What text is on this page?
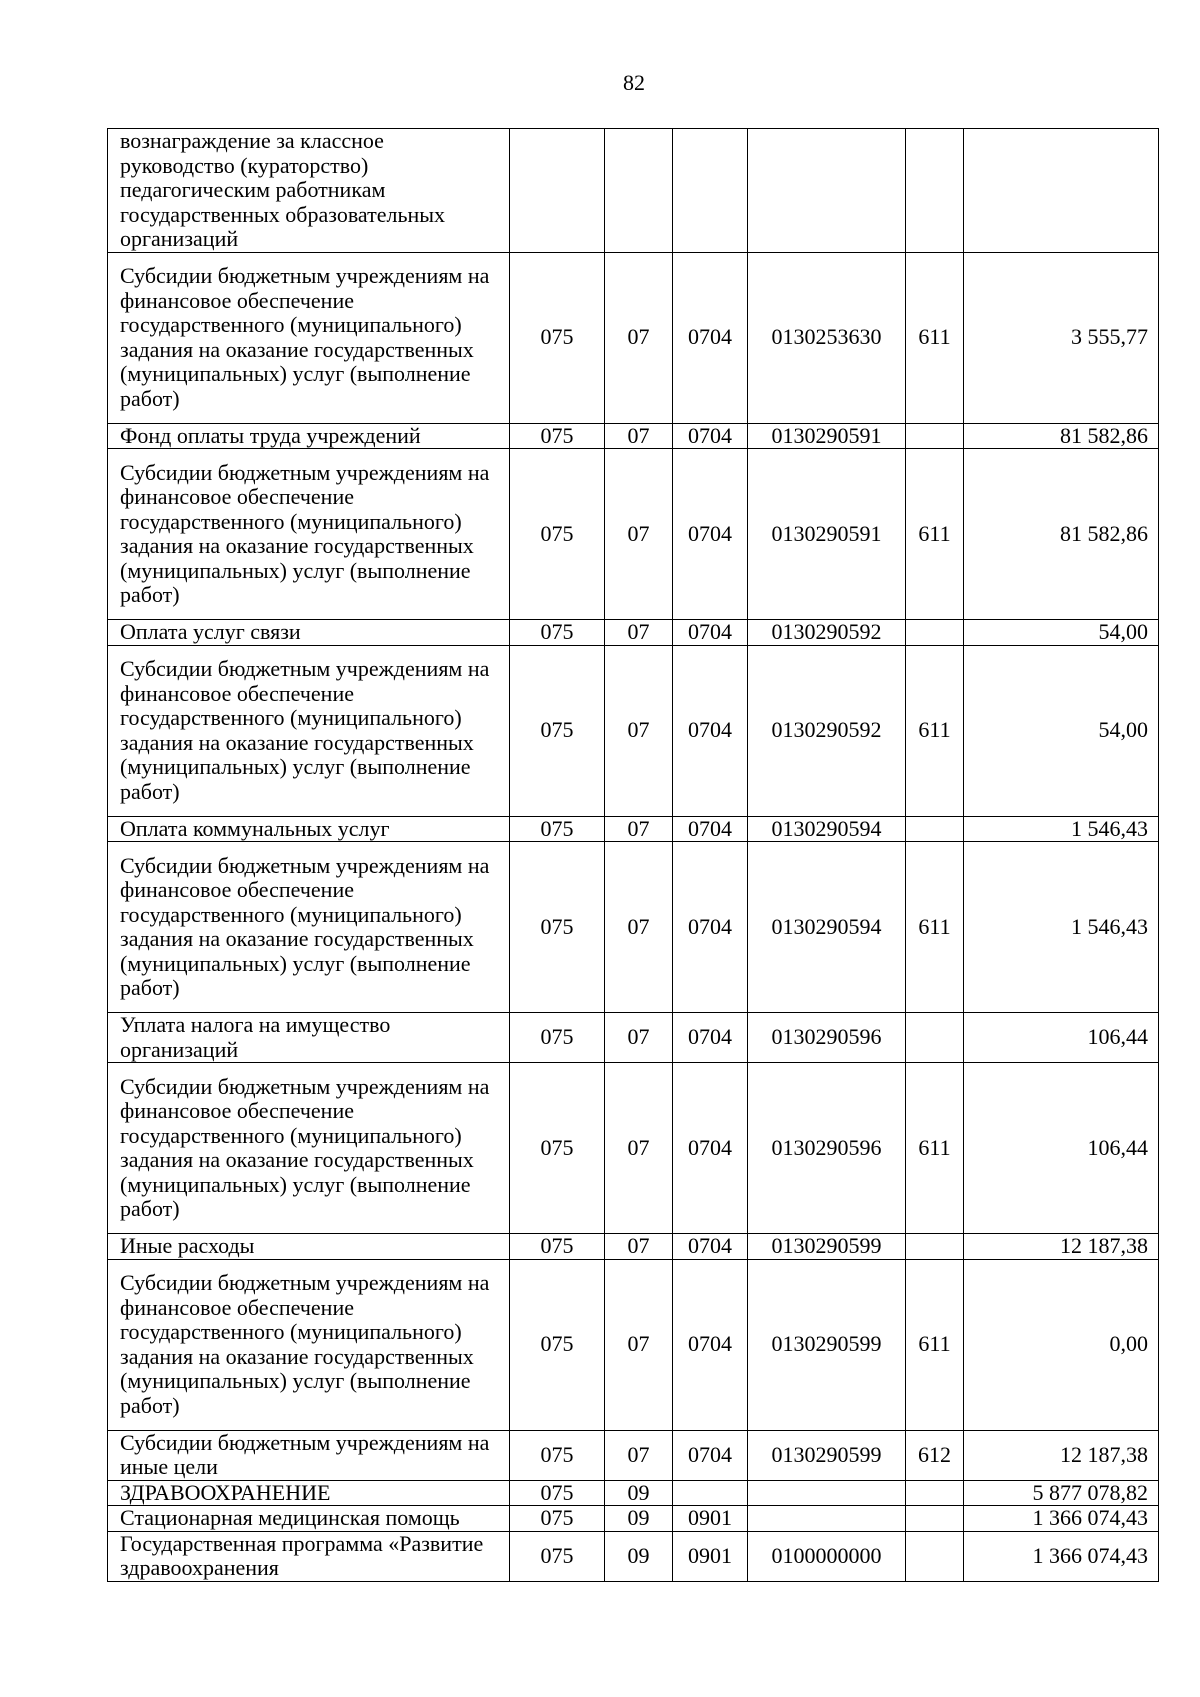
82
вознаграждение за классное руководство (кураторство) педагогическим работникам государственных образовательных организаций						
Субсидии бюджетным учреждениям на финансовое обеспечение государственного (муниципального) задания на оказание государственных (муниципальных) услуг (выполнение работ)	075	07	0704	0130253630	611	3 555,77
Фонд оплаты труда учреждений	075	07	0704	0130290591		81 582,86
Субсидии бюджетным учреждениям на финансовое обеспечение государственного (муниципального) задания на оказание государственных (муниципальных) услуг (выполнение работ)	075	07	0704	0130290591	611	81 582,86
Оплата услуг связи	075	07	0704	0130290592		54,00
Субсидии бюджетным учреждениям на финансовое обеспечение государственного (муниципального) задания на оказание государственных (муниципальных) услуг (выполнение работ)	075	07	0704	0130290592	611	54,00
Оплата коммунальных услуг	075	07	0704	0130290594		1 546,43
Субсидии бюджетным учреждениям на финансовое обеспечение государственного (муниципального) задания на оказание государственных (муниципальных) услуг (выполнение работ)	075	07	0704	0130290594	611	1 546,43
Уплата налога на имущество организаций	075	07	0704	0130290596		106,44
Субсидии бюджетным учреждениям на финансовое обеспечение государственного (муниципального) задания на оказание государственных (муниципальных) услуг (выполнение работ)	075	07	0704	0130290596	611	106,44
Иные расходы	075	07	0704	0130290599		12 187,38
Субсидии бюджетным учреждениям на финансовое обеспечение государственного (муниципального) задания на оказание государственных (муниципальных) услуг (выполнение работ)	075	07	0704	0130290599	611	0,00
Субсидии бюджетным учреждениям на иные цели	075	07	0704	0130290599	612	12 187,38
ЗДРАВООХРАНЕНИЕ	075	09				5 877 078,82
Стационарная медицинская помощь	075	09	0901			1 366 074,43
Государственная программа «Развитие здравоохранения	075	09	0901	0100000000		1 366 074,43
